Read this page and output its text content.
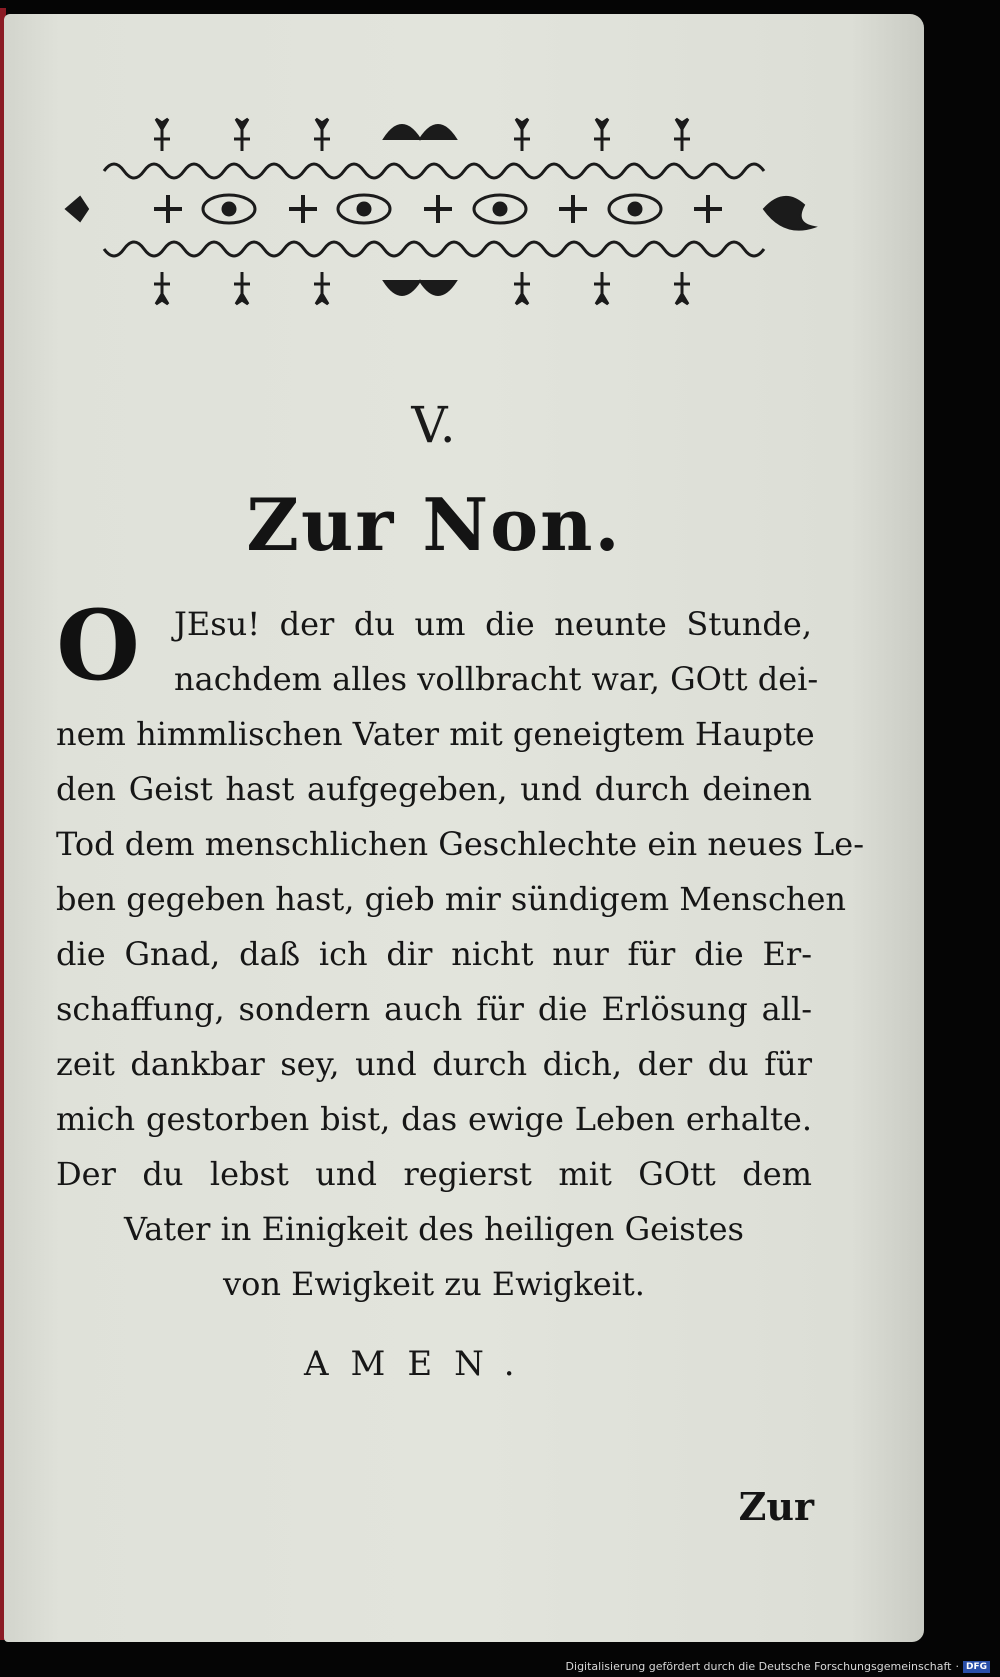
V.
Zur Non.
O	JEsu! der du um die neunte Stunde,
nachdem alles vollbracht war, GOtt dei-
nem himmlischen Vater mit geneigtem Haupte
den Geist hast aufgegeben, und durch deinen
Tod dem menschlichen Geschlechte ein neues Le-
ben gegeben hast, gieb mir sündigem Menschen
die Gnad, daß ich dir nicht nur für die Er-
schaffung, sondern auch für die Erlösung all-
zeit dankbar sey, und durch dich, der du für
mich gestorben bist, das ewige Leben erhalte.
Der du lebst und regierst mit GOtt dem
Vater in Einigkeit des heiligen Geistes
von Ewigkeit zu Ewigkeit.
AMEN.
Zur
Digitalisierung gefördert durch die Deutsche Forschungsgemeinschaft · DFG
